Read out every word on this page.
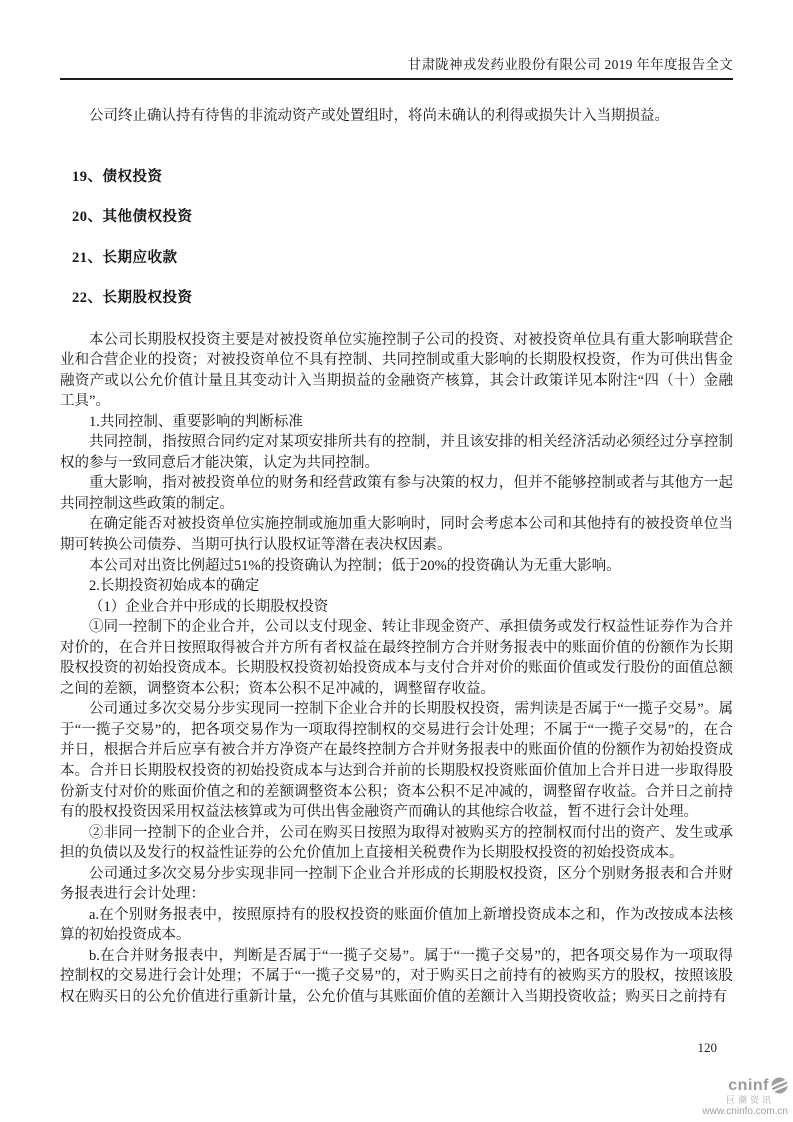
甘肃陇神戎发药业股份有限公司 2019 年年度报告全文

公司终止确认持有待售的非流动资产或处置组时，将尚未确认的利得或损失计入当期损益。

19、债权投资
20、其他债权投资
21、长期应收款
22、长期股权投资

本公司长期股权投资主要是对被投资单位实施控制子公司的投资、对被投资单位具有重大影响联营企业和合营企业的投资；对被投资单位不具有控制、共同控制或重大影响的长期股权投资，作为可供出售金融资产或以公允价值计量且其变动计入当期损益的金融资产核算，其会计政策详见本附注“四（十）金融工具”。

1.共同控制、重要影响的判断标准

共同控制，指按照合同约定对某项安排所共有的控制，并且该安排的相关经济活动必须经过分享控制权的参与一致同意后才能决策，认定为共同控制。

重大影响，指对被投资单位的财务和经营政策有参与决策的权力，但并不能够控制或者与其他方一起共同控制这些政策的制定。

在确定能否对被投资单位实施控制或施加重大影响时，同时会考虑本公司和其他持有的被投资单位当期可转换公司债券、当期可执行认股权证等潜在表决权因素。

本公司对出资比例超过51%的投资确认为控制；低于20%的投资确认为无重大影响。

2.长期投资初始成本的确定

（1）企业合并中形成的长期股权投资

①同一控制下的企业合并，公司以支付现金、转让非现金资产、承担债务或发行权益性证券作为合并对价的，在合并日按照取得被合并方所有者权益在最终控制方合并财务报表中的账面价值的份额作为长期股权投资的初始投资成本。长期股权投资初始投资成本与支付合并对价的账面价值或发行股份的面值总额之间的差额，调整资本公积；资本公积不足冲减的，调整留存收益。

公司通过多次交易分步实现同一控制下企业合并的长期股权投资，需判读是否属于“一揽子交易”。属于“一揽子交易”的，把各项交易作为一项取得控制权的交易进行会计处理；不属于“一揽子交易”的，在合并日，根据合并后应享有被合并方净资产在最终控制方合并财务报表中的账面价值的份额作为初始投资成本。合并日长期股权投资的初始投资成本与达到合并前的长期股权投资账面价值加上合并日进一步取得股份新支付对价的账面价值之和的差额调整资本公积；资本公积不足冲减的，调整留存收益。合并日之前持有的股权投资因采用权益法核算或为可供出售金融资产而确认的其他综合收益，暂不进行会计处理。

②非同一控制下的企业合并，公司在购买日按照为取得对被购买方的控制权而付出的资产、发生或承担的负债以及发行的权益性证券的公允价值加上直接相关税费作为长期股权投资的初始投资成本。

公司通过多次交易分步实现非同一控制下企业合并形成的长期股权投资，区分个别财务报表和合并财务报表进行会计处理：

a.在个别财务报表中，按照原持有的股权投资的账面价值加上新增投资成本之和，作为改按成本法核算的初始投资成本。

b.在合并财务报表中，判断是否属于“一揽子交易”。属于“一揽子交易”的，把各项交易作为一项取得控制权的交易进行会计处理；不属于“一揽子交易”的，对于购买日之前持有的被购买方的股权，按照该股权在购买日的公允价值进行重新计量，公允价值与其账面价值的差额计入当期投资收益；购买日之前持有

120
cninf
巨潮资讯
www.cninfo.com.cn
